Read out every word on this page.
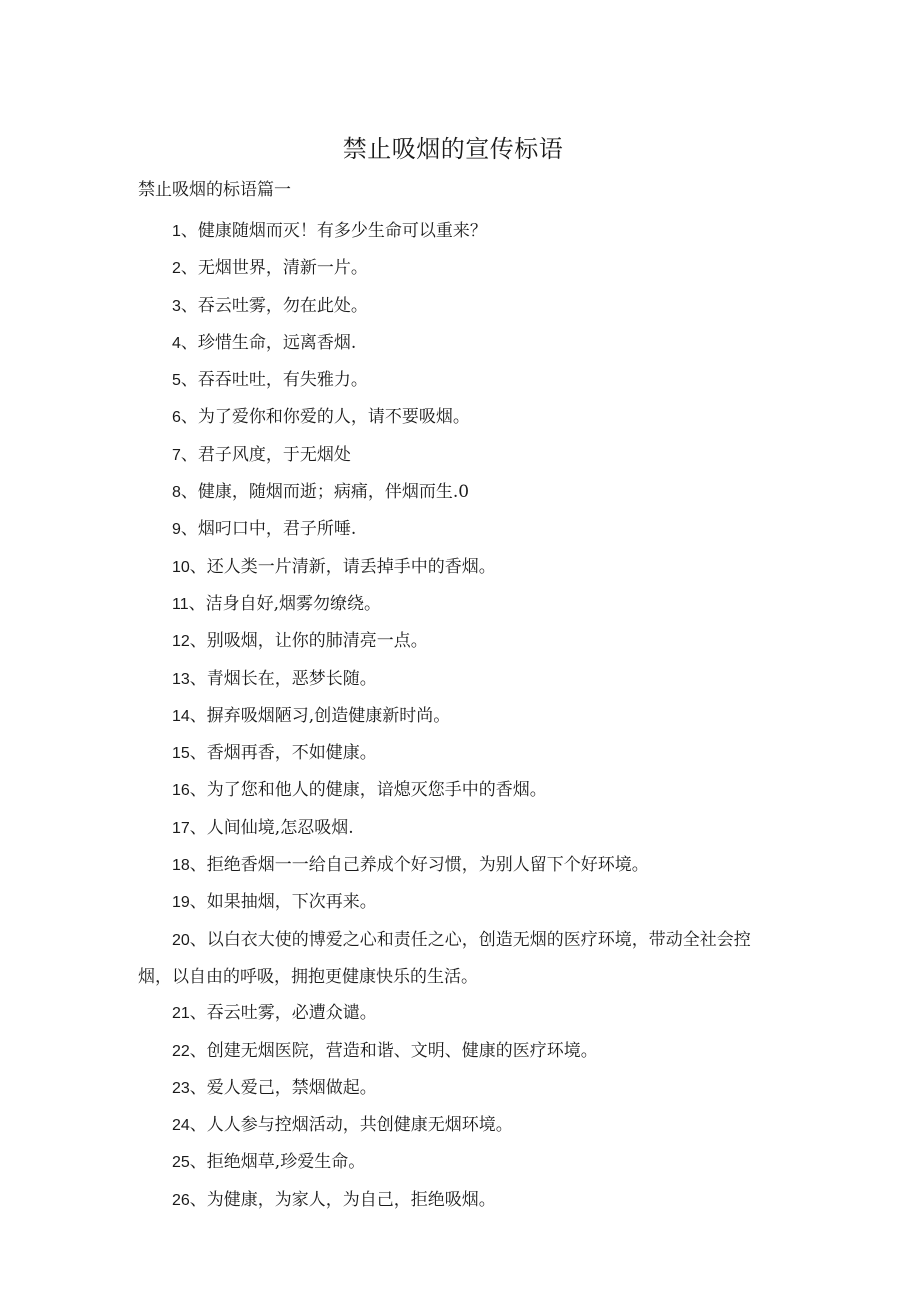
禁止吸烟的宣传标语
禁止吸烟的标语篇一
1、健康随烟而灭！有多少生命可以重来？
2、无烟世界，清新一片。
3、吞云吐雾，勿在此处。
4、珍惜生命，远离香烟.
5、吞吞吐吐，有失雅力。
6、为了爱你和你爱的人，请不要吸烟。
7、君子风度，于无烟处
8、健康，随烟而逝；病痛，伴烟而生.0
9、烟叼口中，君子所唾.
10、还人类一片清新，请丢掉手中的香烟。
11、洁身自好,烟雾勿缭绕。
12、别吸烟，让你的肺清亮一点。
13、青烟长在，恶梦长随。
14、摒弃吸烟陋习,创造健康新时尚。
15、香烟再香，不如健康。
16、为了您和他人的健康，谙熄灭您手中的香烟。
17、人间仙境,怎忍吸烟.
18、拒绝香烟一一给自己养成个好习惯，为别人留下个好环境。
19、如果抽烟，下次再来。
20、以白衣大使的博爱之心和责任之心，创造无烟的医疗环境，带动全社会控烟，以自由的呼吸，拥抱更健康快乐的生活。
21、吞云吐雾，必遭众谴。
22、创建无烟医院，营造和谐、文明、健康的医疗环境。
23、爱人爱己，禁烟做起。
24、人人参与控烟活动，共创健康无烟环境。
25、拒绝烟草,珍爱生命。
26、为健康，为家人，为自己，拒绝吸烟。
